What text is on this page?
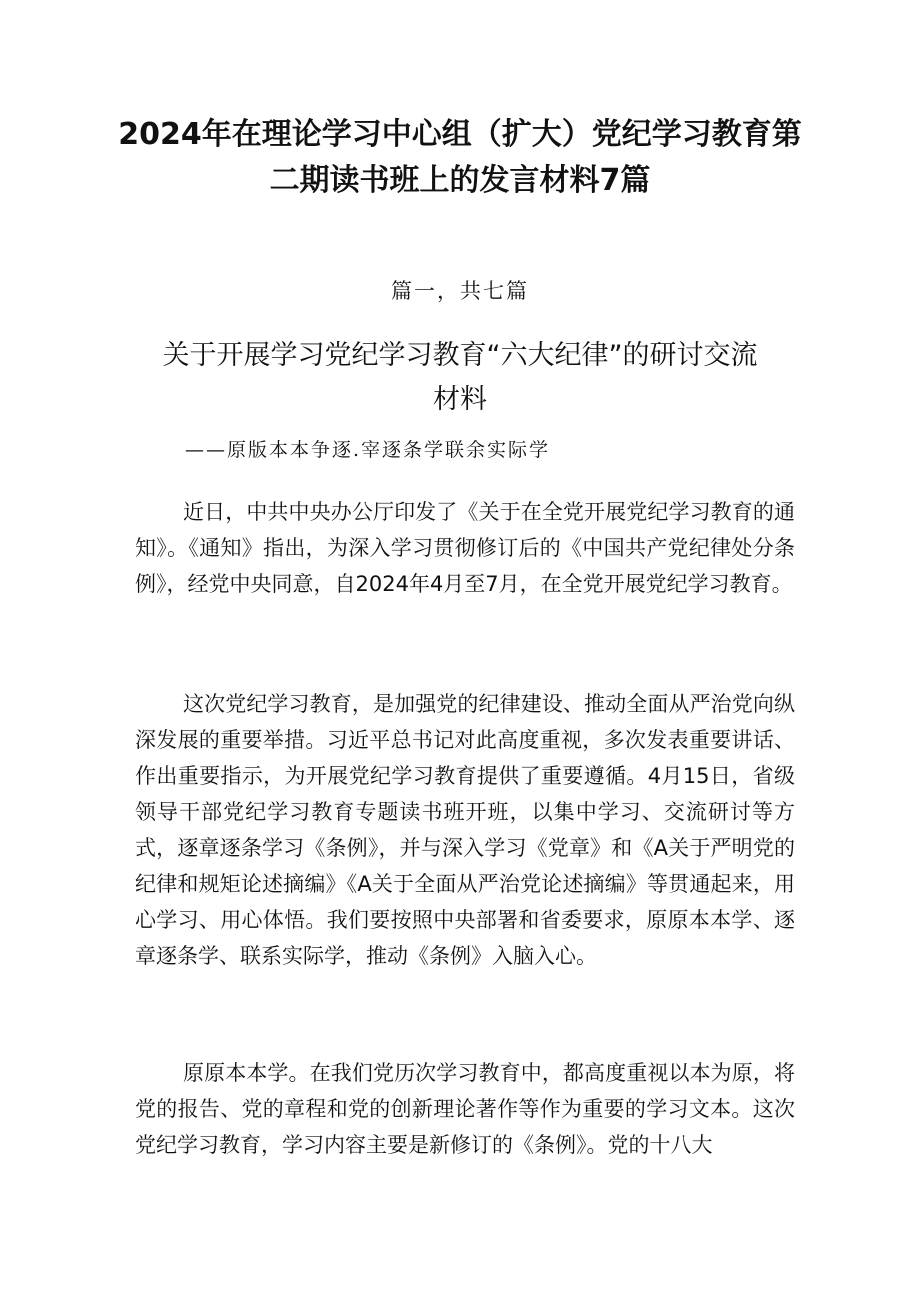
2024年在理论学习中心组（扩大）党纪学习教育第二期读书班上的发言材料7篇
篇一，共七篇
关于开展学习党纪学习教育“六大纪律”的研讨交流材料
——原版本本争逐.宰逐条学联余实际学

近日，中共中央办公厅印发了《关于在全党开展党纪学习教育的通知》。《通知》指出，为深入学习贯彻修订后的《中国共产党纪律处分条例》，经党中央同意，自2024年4月至7月，在全党开展党纪学习教育。

这次党纪学习教育，是加强党的纪律建设、推动全面从严治党向纵深发展的重要举措。习近平总书记对此高度重视，多次发表重要讲话、作出重要指示，为开展党纪学习教育提供了重要遵循。4月15日，省级领导干部党纪学习教育专题读书班开班，以集中学习、交流研讨等方式，逐章逐条学习《条例》，并与深入学习《党章》和《A关于严明党的纪律和规矩论述摘编》《A关于全面从严治党论述摘编》等贯通起来，用心学习、用心体悟。我们要按照中央部署和省委要求，原原本本学、逐章逐条学、联系实际学，推动《条例》入脑入心。

原原本本学。在我们党历次学习教育中，都高度重视以本为原，将党的报告、党的章程和党的创新理论著作等作为重要的学习文本。这次党纪学习教育，学习内容主要是新修订的《条例》。党的十八大
